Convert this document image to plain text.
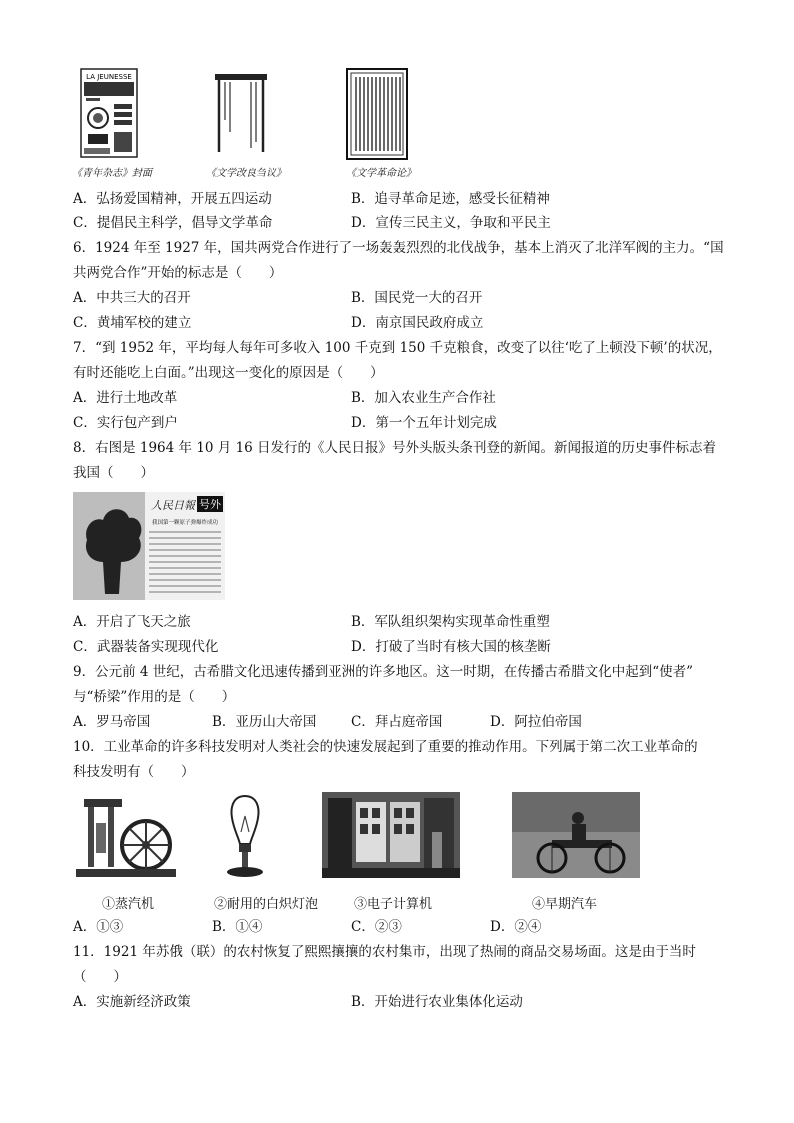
LA JEUNESSE
《青年杂志》封面	《文学改良刍议》	《文学革命论》
A．弘扬爱国精神，开展五四运动	B．追寻革命足迹，感受长征精神
C．提倡民主科学，倡导文学革命	D．宣传三民主义，争取和平民主
6．1924 年至 1927 年，国共两党合作进行了一场轰轰烈烈的北伐战争，基本上消灭了北洋军阀的主力。“国
共两党合作”开始的标志是（　　）
A．中共三大的召开	B．国民党一大的召开
C．黄埔军校的建立	D．南京国民政府成立
7．“到 1952 年，平均每人每年可多收入 100 千克到 150 千克粮食，改变了以往‘吃了上顿没下顿’的状况，
有时还能吃上白面。”出现这一变化的原因是（　　）
A．进行土地改革	B．加入农业生产合作社
C．实行包产到户	D．第一个五年计划完成
8．右图是 1964 年 10 月 16 日发行的《人民日报》号外头版头条刊登的新闻。新闻报道的历史事件标志着
我国（　　）
人民日報 号外
我国第一颗原子弹爆炸成功
A．开启了飞天之旅	B．军队组织架构实现革命性重塑
C．武器装备实现现代化	D．打破了当时有核大国的核垄断
9．公元前 4 世纪，古希腊文化迅速传播到亚洲的许多地区。这一时期，在传播古希腊文化中起到“使者”
与“桥梁”作用的是（　　）
A．罗马帝国	B．亚历山大帝国	C．拜占庭帝国	D．阿拉伯帝国
10．工业革命的许多科技发明对人类社会的快速发展起到了重要的推动作用。下列属于第二次工业革命的
科技发明有（　　）
①蒸汽机	②耐用的白炽灯泡	③电子计算机	④早期汽车
A．①③	B．①④	C．②③	D．②④
11．1921 年苏俄（联）的农村恢复了熙熙攘攘的农村集市，出现了热闹的商品交易场面。这是由于当时
（　　）
A．实施新经济政策	B．开始进行农业集体化运动
